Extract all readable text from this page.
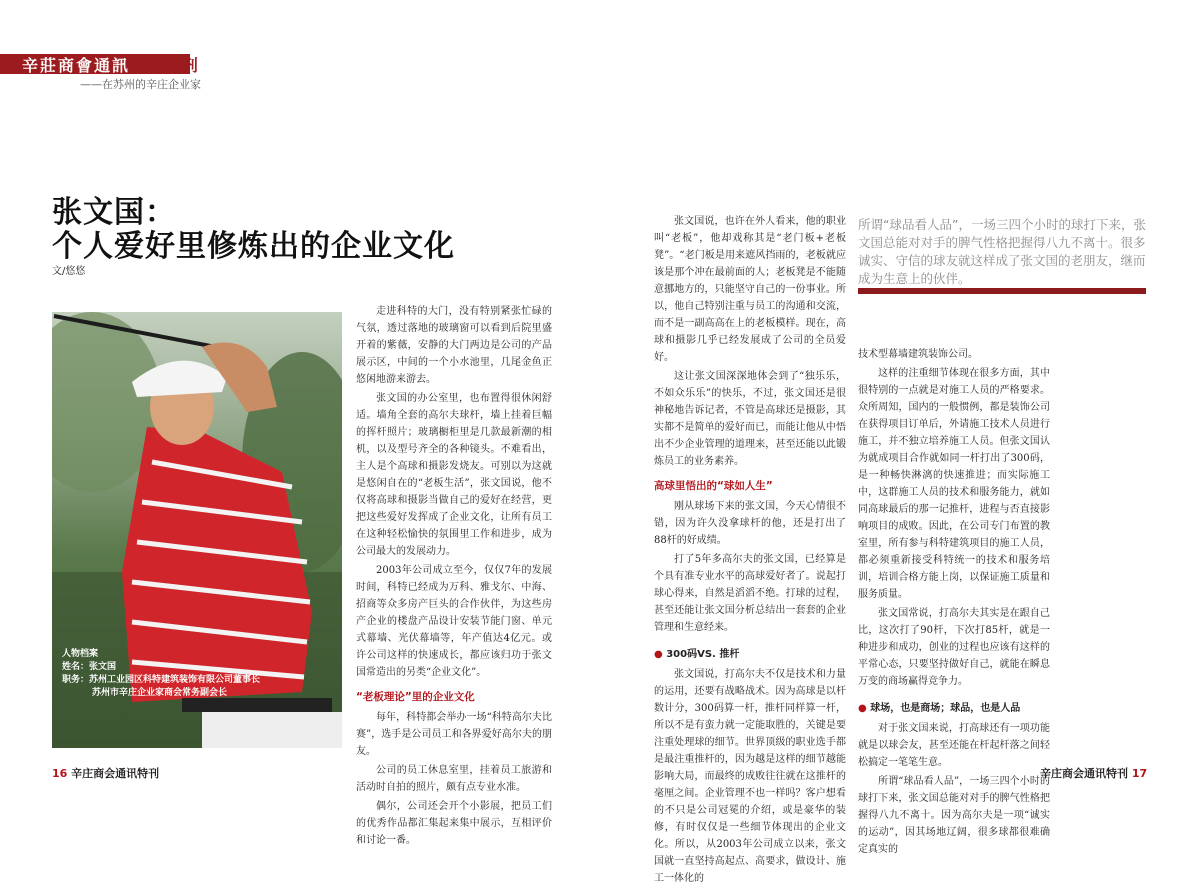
辛莊商會通訊 特刊
——在苏州的辛庄企业家
张文国：
个人爱好里修炼出的企业文化
文/悠悠
人物档案
姓名：张文国
职务：苏州工业园区科特建筑装饰有限公司董事长
苏州市辛庄企业家商会常务副会长

走进科特的大门，没有特别紧张忙碌的气氛，透过落地的玻璃窗可以看到后院里盛开着的紫薇，安静的大门两边是公司的产品展示区，中间的一个小水池里，几尾金鱼正悠闲地游来游去。

张文国的办公室里，也布置得很休闲舒适。墙角全套的高尔夫球杆，墙上挂着巨幅的挥杆照片；玻璃橱柜里是几款最新潮的相机，以及型号齐全的各种镜头。不难看出，主人是个高球和摄影发烧友。可别以为这就是悠闲自在的“老板生活”，张文国说，他不仅将高球和摄影当做自己的爱好在经营，更把这些爱好发挥成了企业文化，让所有员工在这种轻松愉快的氛围里工作和进步，成为公司最大的发展动力。

2003年公司成立至今，仅仅7年的发展时间，科特已经成为万科、雅戈尔、中海、招商等众多房产巨头的合作伙伴，为这些房产企业的楼盘产品设计安装节能门窗、单元式幕墙、光伏幕墙等，年产值达4亿元。或许公司这样的快速成长，都应该归功于张文国常造出的另类“企业文化”。

“老板理论”里的企业文化

每年，科特都会举办一场“科特高尔夫比赛”，选手是公司员工和各界爱好高尔夫的朋友。

公司的员工休息室里，挂着员工旅游和活动时自拍的照片，颇有点专业水准。

偶尔，公司还会开个小影展，把员工们的优秀作品都汇集起来集中展示，互相评价和讨论一番。

张文国说，也许在外人看来，他的职业叫“老板”，他却戏称其是“老门板+老板凳”。“老门板是用来遮风挡雨的，老板就应该是那个冲在最前面的人；老板凳是不能随意挪地方的，只能坚守自己的一份事业。所以，他自己特别注重与员工的沟通和交流，而不是一副高高在上的老板模样。现在，高球和摄影几乎已经发展成了公司的全员爱好。

这让张文国深深地体会到了“独乐乐，不如众乐乐”的快乐，不过，张文国还是很神秘地告诉记者，不管是高球还是摄影，其实都不是简单的爱好而已，而能让他从中悟出不少企业管理的道理来，甚至还能以此锻炼员工的业务素养。

高球里悟出的“球如人生”

刚从球场下来的张文国，今天心情很不错，因为许久没拿球杆的他，还是打出了88杆的好成绩。

打了5年多高尔夫的张文国，已经算是个具有准专业水平的高球爱好者了。说起打球心得来，自然是滔滔不绝。打球的过程，甚至还能让张文国分析总结出一套套的企业管理和生意经来。

● 300码VS. 推杆

张文国说，打高尔夫不仅是技术和力量的运用，还要有战略战术。因为高球是以杆数计分，300码算一杆，推杆同样算一杆，所以不是有蛮力就一定能取胜的，关键是要注重处理球的细节。世界顶级的职业选手都是最注重推杆的，因为越是这样的细节越能影响大局，而最终的成败往往就在这推杆的毫厘之间。企业管理不也一样吗？客户想看的不只是公司冠冕的介绍，或是豪华的装修，有时仅仅是一些细节体现出的企业文化。所以，从2003年公司成立以来，张文国就一直坚持高起点、高要求，做设计、施工一体化的

所谓“球品看人品”，一场三四个小时的球打下来，张文国总能对对手的脾气性格把握得八九不离十。很多诚实、守信的球友就这样成了张文国的老朋友，继而成为生意上的伙伴。

技术型幕墙建筑装饰公司。

这样的注重细节体现在很多方面，其中很特别的一点就是对施工人员的严格要求。众所周知，国内的一般惯例，都是装饰公司在获得项目订单后，外请施工技术人员进行施工，并不独立培养施工人员。但张文国认为就成项目合作就如同一杆打出了300码，是一种畅快淋漓的快速推进；而实际施工中，这群施工人员的技术和服务能力，就如同高球最后的那一记推杆，进程与否直接影响项目的成败。因此，在公司专门布置的教室里，所有参与科特建筑项目的施工人员，都必须重新接受科特统一的技术和服务培训，培训合格方能上岗，以保证施工质量和服务质量。

张文国常说，打高尔夫其实是在跟自己比，这次打了90杆，下次打85杆，就是一种进步和成功，创业的过程也应该有这样的平常心态，只要坚持做好自己，就能在瞬息万变的商场赢得竞争力。

● 球场，也是商场；球品，也是人品

对于张文国来说，打高球还有一项功能就是以球会友，甚至还能在杆起杆落之间轻松搞定一笔笔生意。

所谓“球品看人品”，一场三四个小时的球打下来，张文国总能对对手的脾气性格把握得八九不离十。因为高尔夫是一项“诚实的运动”，因其场地辽阔，很多球都很难确定真实的

16 辛庄商会通讯特刊	辛庄商会通讯特刊 17
